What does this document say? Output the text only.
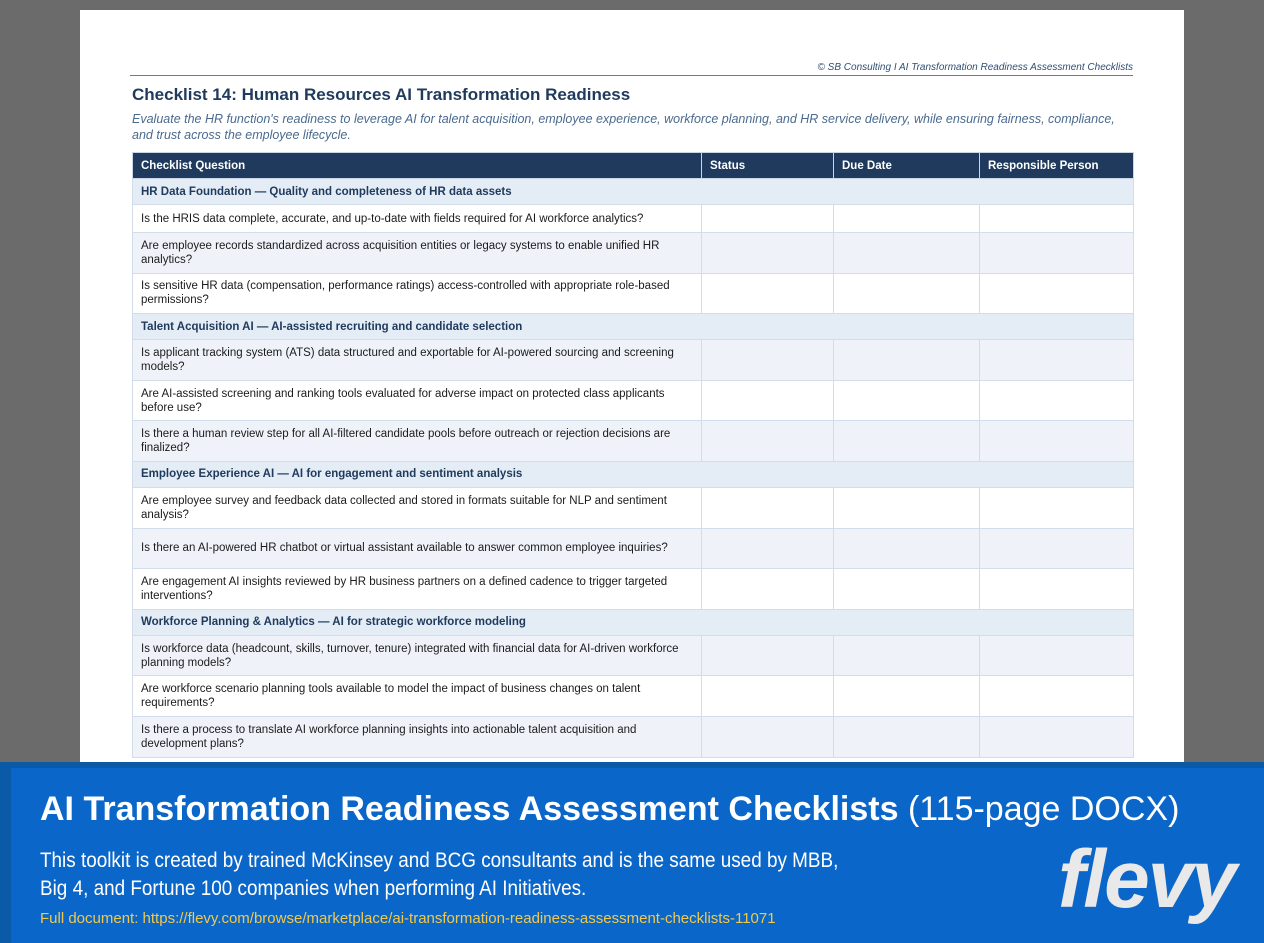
© SB Consulting I AI Transformation Readiness Assessment Checklists
Checklist 14: Human Resources AI Transformation Readiness
Evaluate the HR function's readiness to leverage AI for talent acquisition, employee experience, workforce planning, and HR service delivery, while ensuring fairness, compliance, and trust across the employee lifecycle.
Checklist Question	Status	Due Date	Responsible Person
HR Data Foundation — Quality and completeness of HR data assets			
Is the HRIS data complete, accurate, and up-to-date with fields required for AI workforce analytics?			
Are employee records standardized across acquisition entities or legacy systems to enable unified HR analytics?			
Is sensitive HR data (compensation, performance ratings) access-controlled with appropriate role-based permissions?			
Talent Acquisition AI — AI-assisted recruiting and candidate selection			
Is applicant tracking system (ATS) data structured and exportable for AI-powered sourcing and screening models?			
Are AI-assisted screening and ranking tools evaluated for adverse impact on protected class applicants before use?			
Is there a human review step for all AI-filtered candidate pools before outreach or rejection decisions are finalized?			
Employee Experience AI — AI for engagement and sentiment analysis			
Are employee survey and feedback data collected and stored in formats suitable for NLP and sentiment analysis?			
Is there an AI-powered HR chatbot or virtual assistant available to answer common employee inquiries?			
Are engagement AI insights reviewed by HR business partners on a defined cadence to trigger targeted interventions?			
Workforce Planning & Analytics — AI for strategic workforce modeling			
Is workforce data (headcount, skills, turnover, tenure) integrated with financial data for AI-driven workforce planning models?			
Are workforce scenario planning tools available to model the impact of business changes on talent requirements?			
Is there a process to translate AI workforce planning insights into actionable talent acquisition and development plans?			
AI Transformation Readiness Assessment Checklists (115-page DOCX)
This toolkit is created by trained McKinsey and BCG consultants and is the same used by MBB, Big 4, and Fortune 100 companies when performing AI Initiatives.
Full document: https://flevy.com/browse/marketplace/ai-transformation-readiness-assessment-checklists-11071	flevy
